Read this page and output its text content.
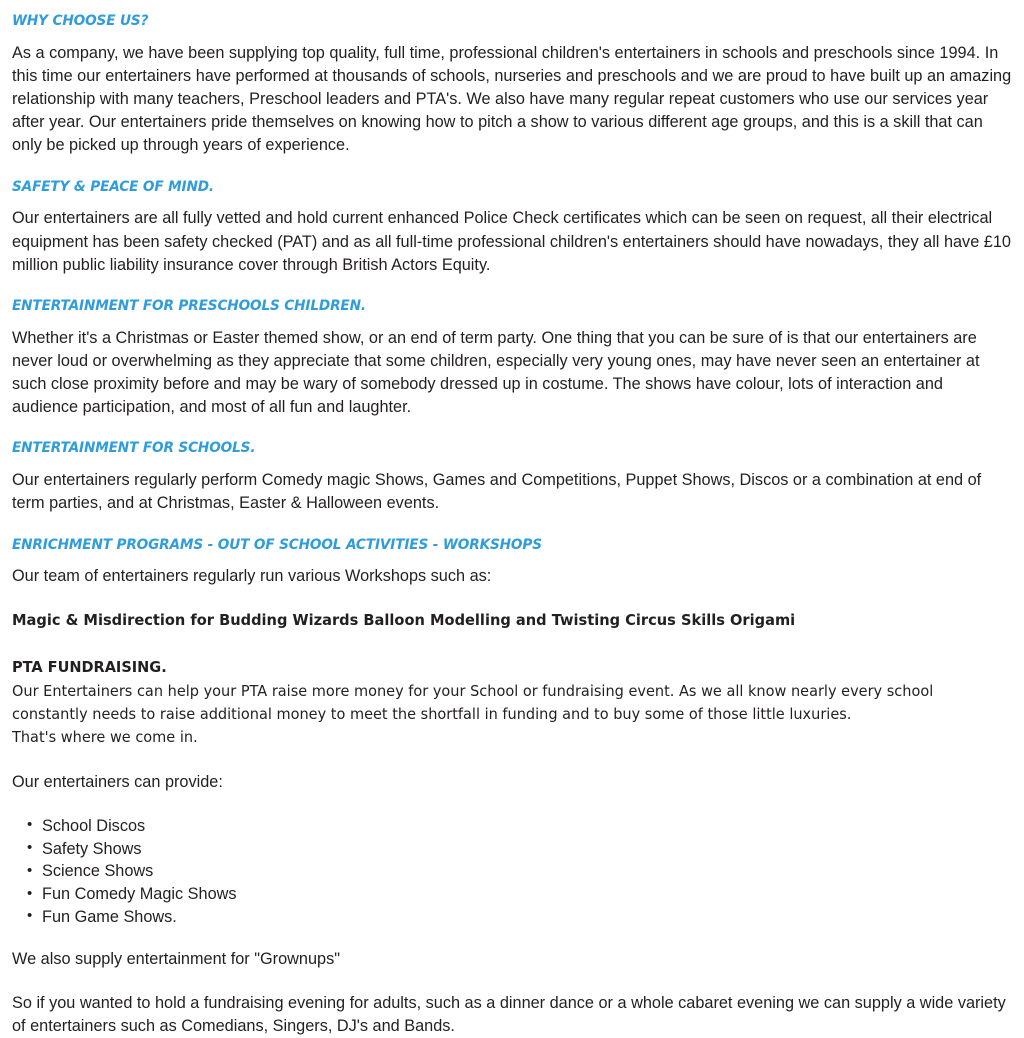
WHY CHOOSE US?

As a company, we have been supplying top quality, full time, professional children's entertainers in schools and preschools since 1994. In this time our entertainers have performed at thousands of schools, nurseries and preschools and we are proud to have built up an amazing relationship with many teachers, Preschool leaders and PTA's. We also have many regular repeat customers who use our services year after year. Our entertainers pride themselves on knowing how to pitch a show to various different age groups, and this is a skill that can only be picked up through years of experience.

SAFETY & PEACE OF MIND.

Our entertainers are all fully vetted and hold current enhanced Police Check certificates which can be seen on request, all their electrical equipment has been safety checked (PAT) and as all full-time professional children's entertainers should have nowadays, they all have £10 million public liability insurance cover through British Actors Equity.

ENTERTAINMENT FOR PRESCHOOLS CHILDREN.

Whether it's a Christmas or Easter themed show, or an end of term party. One thing that you can be sure of is that our entertainers are never loud or overwhelming as they appreciate that some children, especially very young ones, may have never seen an entertainer at such close proximity before and may be wary of somebody dressed up in costume. The shows have colour, lots of interaction and audience participation, and most of all fun and laughter.

ENTERTAINMENT FOR SCHOOLS.

Our entertainers regularly perform Comedy magic Shows, Games and Competitions, Puppet Shows, Discos or a combination at end of term parties, and at Christmas, Easter & Halloween events.

ENRICHMENT PROGRAMS - OUT OF SCHOOL ACTIVITIES - WORKSHOPS

Our team of entertainers regularly run various Workshops such as:

Magic & Misdirection for Budding Wizards Balloon Modelling and Twisting Circus Skills Origami

PTA FUNDRAISING.
Our Entertainers can help your PTA raise more money for your School or fundraising event. As we all know nearly every school
constantly needs to raise additional money to meet the shortfall in funding and to buy some of those little luxuries.
That's where we come in.

Our entertainers can provide:

• School Discos
• Safety Shows
• Science Shows
• Fun Comedy Magic Shows
• Fun Game Shows.

We also supply entertainment for "Grownups"

So if you wanted to hold a fundraising evening for adults, such as a dinner dance or a whole cabaret evening we can supply a wide variety of entertainers such as Comedians, Singers, DJ's and Bands.
